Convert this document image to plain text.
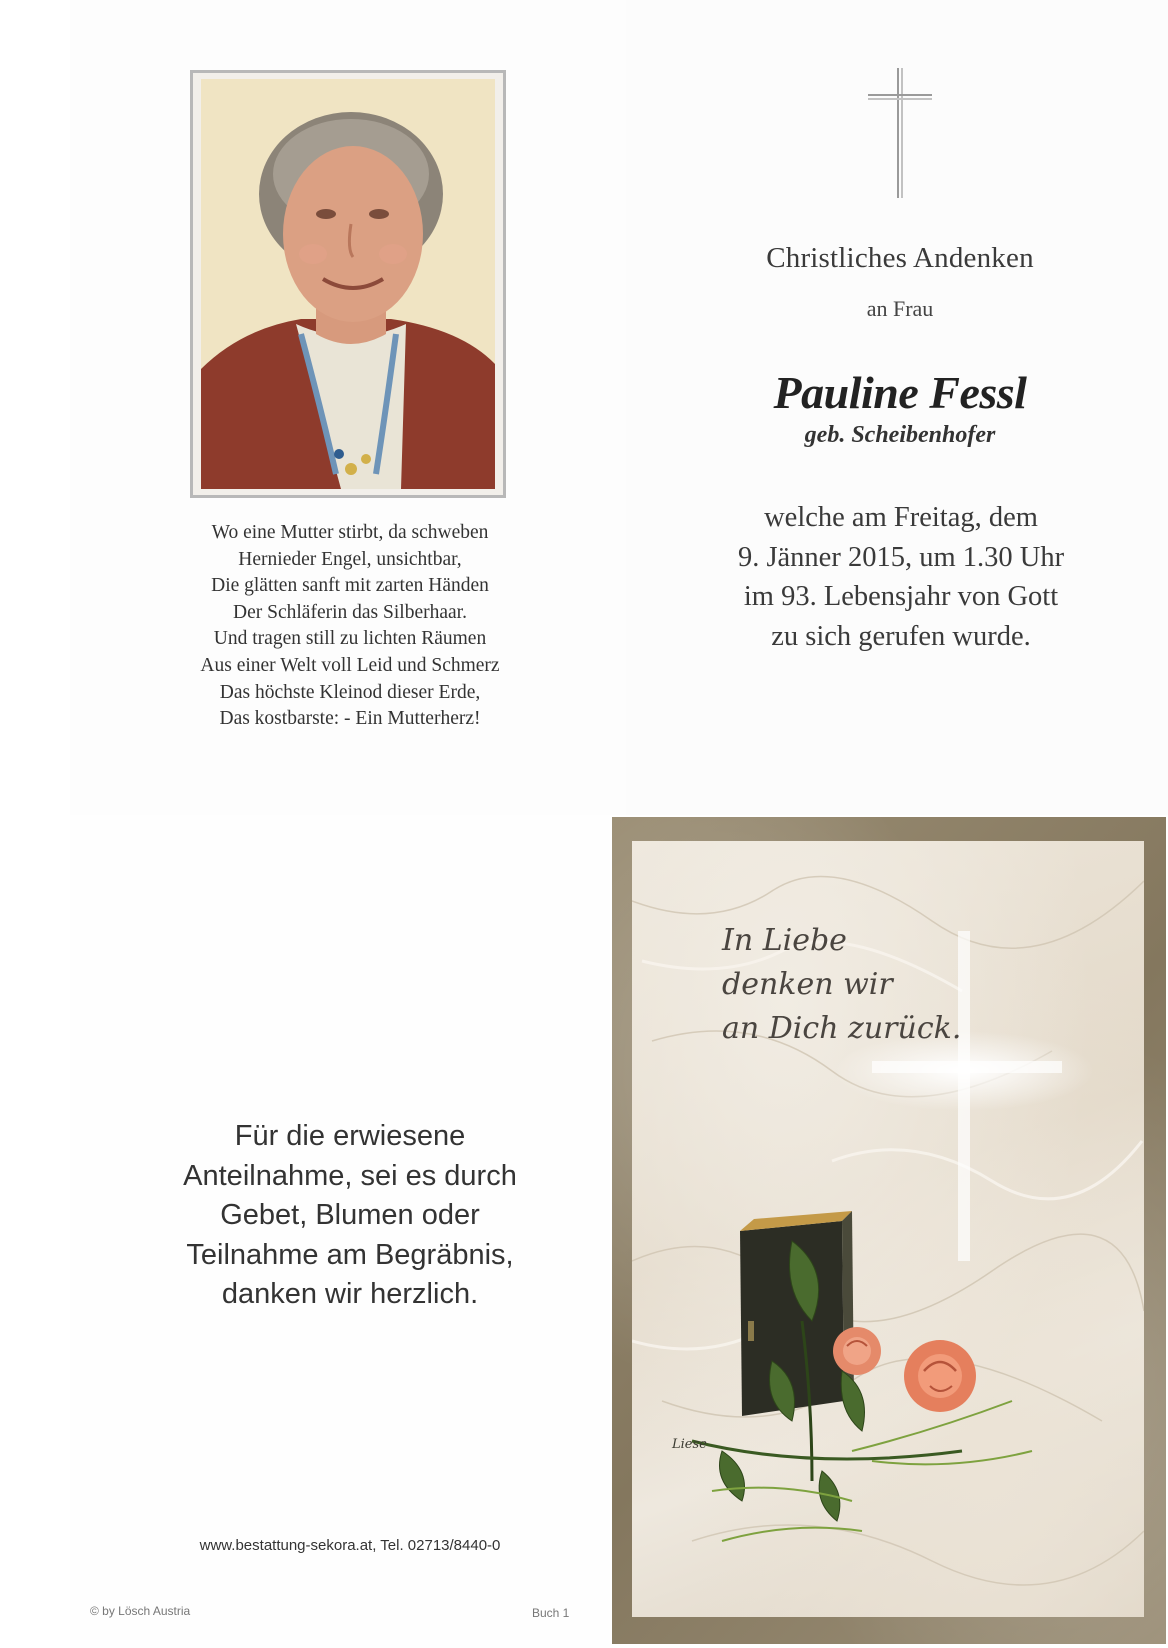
Wo eine Mutter stirbt, da schweben
Hernieder Engel, unsichtbar,
Die glätten sanft mit zarten Händen
Der Schläferin das Silberhaar.
Und tragen still zu lichten Räumen
Aus einer Welt voll Leid und Schmerz
Das höchste Kleinod dieser Erde,
Das kostbarste: - Ein Mutterherz!
Christliches Andenken
an Frau
Pauline Fessl
geb. Scheibenhofer
welche am Freitag, dem
9. Jänner 2015, um 1.30 Uhr
im 93. Lebensjahr von Gott
zu sich gerufen wurde.
Für die erwiesene
Anteilnahme, sei es durch
Gebet, Blumen oder
Teilnahme am Begräbnis,
danken wir herzlich.
www.bestattung-sekora.at, Tel. 02713/8440-0
© by Lösch Austria	Buch 1
In Liebe
denken wir
an Dich zurück.
Liese
